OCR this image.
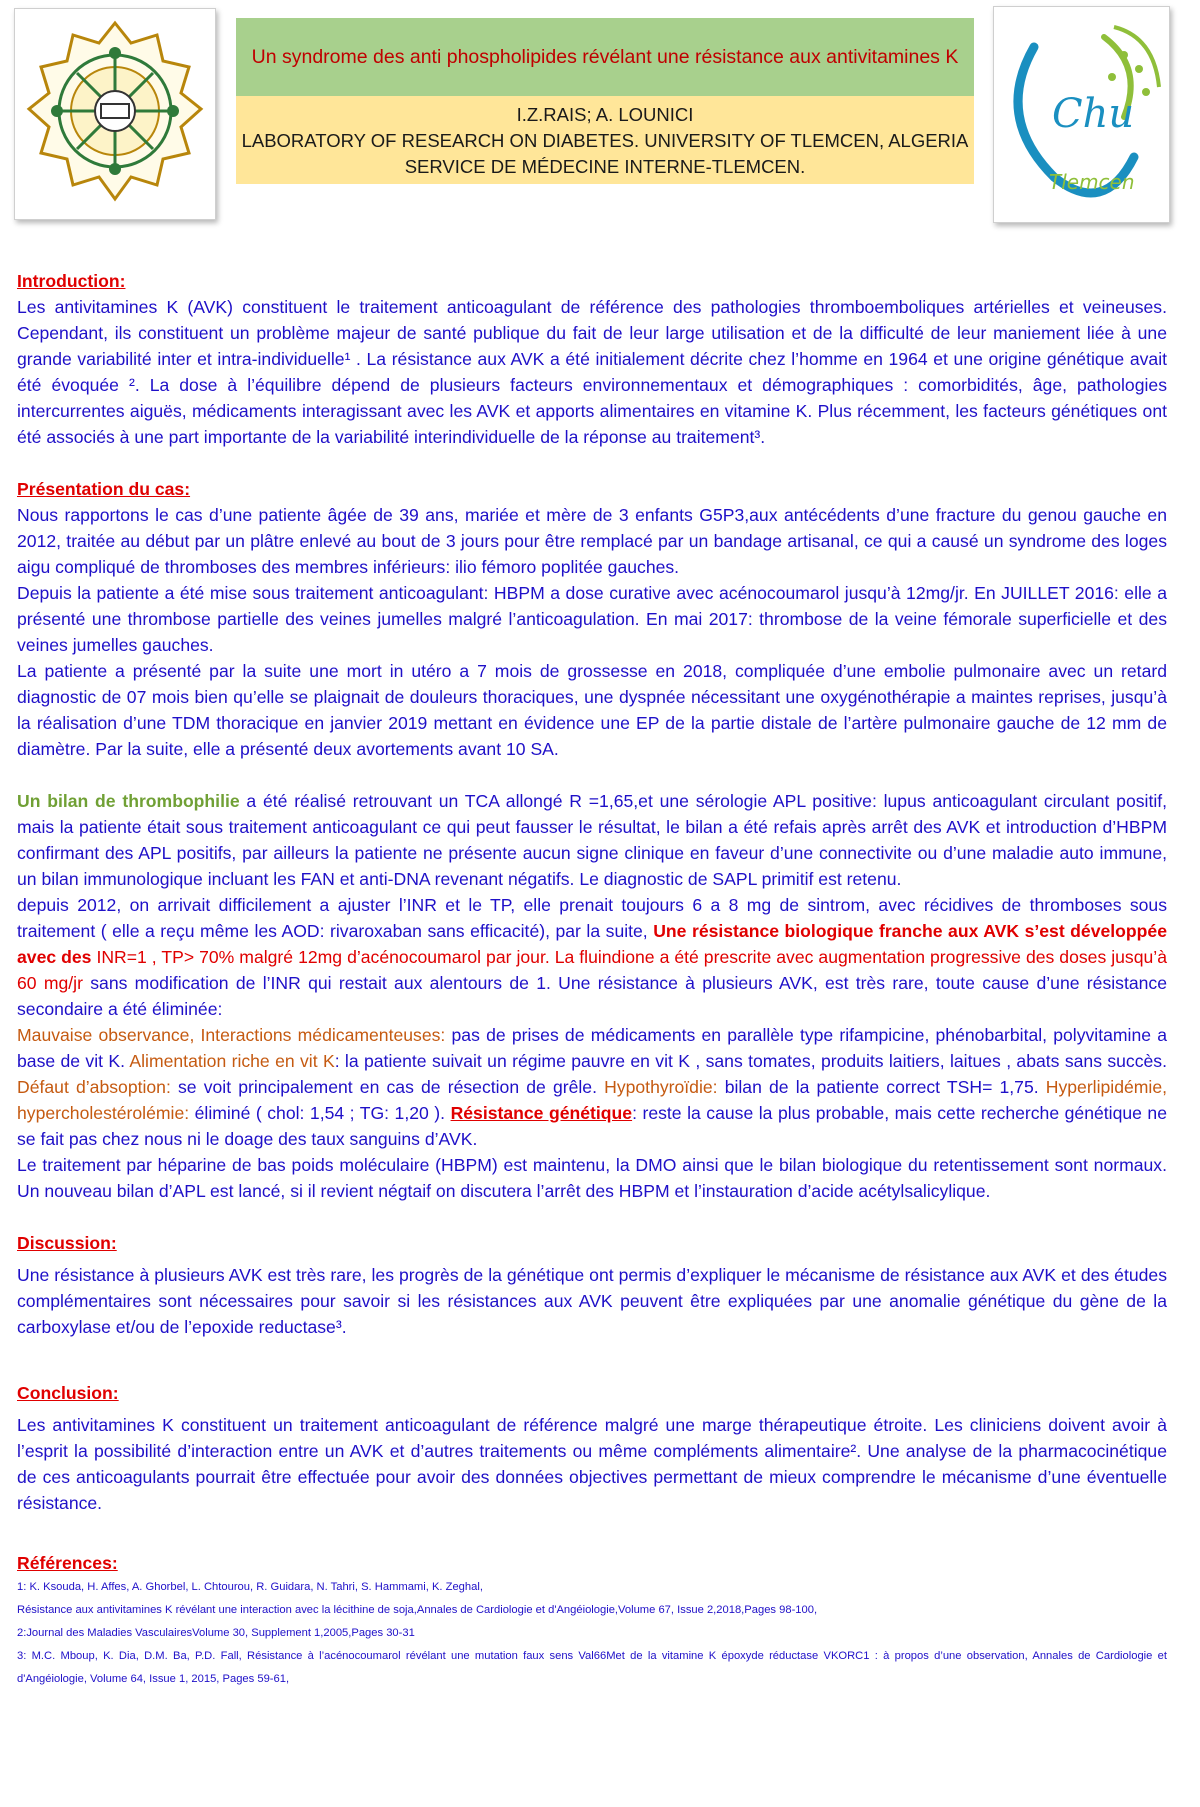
Un syndrome des anti phospholipides révélant une résistance aux antivitamines K
I.Z.RAIS; A. LOUNICI
LABORATORY OF RESEARCH ON DIABETES. UNIVERSITY OF TLEMCEN, ALGERIA
SERVICE DE MÉDECINE INTERNE-TLEMCEN.
Chu
Tlemcen

Introduction:

Les antivitamines K (AVK) constituent le traitement anticoagulant de référence des pathologies thromboemboliques artérielles et veineuses. Cependant, ils constituent un problème majeur de santé publique du fait de leur large utilisation et de la difficulté de leur maniement liée à une grande variabilité inter et intra-individuelle¹ . La résistance aux AVK a été initialement décrite chez l’homme en 1964 et une origine génétique avait été évoquée ². La dose à l’équilibre dépend de plusieurs facteurs environnementaux et démographiques : comorbidités, âge, pathologies intercurrentes aiguës, médicaments interagissant avec les AVK et apports alimentaires en vitamine K. Plus récemment, les facteurs génétiques ont été associés à une part importante de la variabilité interindividuelle de la réponse au traitement³.

Présentation du cas:

Nous rapportons le cas d’une patiente âgée de 39 ans, mariée et mère de 3 enfants G5P3,aux antécédents d’une fracture du genou gauche en 2012, traitée au début par un plâtre enlevé au bout de 3 jours pour être remplacé par un bandage artisanal, ce qui a causé un syndrome des loges aigu compliqué de thromboses des membres inférieurs: ilio fémoro poplitée gauches.

Depuis la patiente a été mise sous traitement anticoagulant: HBPM a dose curative avec acénocoumarol jusqu’à 12mg/jr. En JUILLET 2016: elle a présenté une thrombose partielle des veines jumelles malgré l’anticoagulation. En mai 2017: thrombose de la veine fémorale superficielle et des veines jumelles gauches.

La patiente a présenté par la suite une mort in utéro a 7 mois de grossesse en 2018, compliquée d’une embolie pulmonaire avec un retard diagnostic de 07 mois bien qu’elle se plaignait de douleurs thoraciques, une dyspnée nécessitant une oxygénothérapie a maintes reprises, jusqu’à la réalisation d’une TDM thoracique en janvier 2019 mettant en évidence une EP de la partie distale de l’artère pulmonaire gauche de 12 mm de diamètre. Par la suite, elle a présenté deux avortements avant 10 SA.

Un bilan de thrombophilie a été réalisé retrouvant un TCA allongé R =1,65,et une sérologie APL positive: lupus anticoagulant circulant positif, mais la patiente était sous traitement anticoagulant ce qui peut fausser le résultat, le bilan a été refais après arrêt des AVK et introduction d’HBPM confirmant des APL positifs, par ailleurs la patiente ne présente aucun signe clinique en faveur d’une connectivite ou d’une maladie auto immune, un bilan immunologique incluant les FAN et anti-DNA revenant négatifs. Le diagnostic de SAPL primitif est retenu.

depuis 2012, on arrivait difficilement a ajuster l’INR et le TP, elle prenait toujours 6 a 8 mg de sintrom, avec récidives de thromboses sous traitement ( elle a reçu même les AOD: rivaroxaban sans efficacité), par la suite, Une résistance biologique franche aux AVK s’est développée avec des INR=1 , TP> 70% malgré 12mg d’acénocoumarol par jour. La fluindione a été prescrite avec augmentation progressive des doses jusqu’à 60 mg/jr sans modification de l’INR qui restait aux alentours de 1. Une résistance à plusieurs AVK, est très rare, toute cause d’une résistance secondaire a été éliminée:

Mauvaise observance, Interactions médicamenteuses: pas de prises de médicaments en parallèle type rifampicine, phénobarbital, polyvitamine a base de vit K. Alimentation riche en vit K: la patiente suivait un régime pauvre en vit K , sans tomates, produits laitiers, laitues , abats sans succès. Défaut d’absoption: se voit principalement en cas de résection de grêle. Hypothyroïdie: bilan de la patiente correct TSH= 1,75. Hyperlipidémie, hypercholestérolémie: éliminé ( chol: 1,54 ; TG: 1,20 ). Résistance génétique: reste la cause la plus probable, mais cette recherche génétique ne se fait pas chez nous ni le doage des taux sanguins d’AVK.

Le traitement par héparine de bas poids moléculaire (HBPM) est maintenu, la DMO ainsi que le bilan biologique du retentissement sont normaux. Un nouveau bilan d’APL est lancé, si il revient négtaif on discutera l’arrêt des HBPM et l’instauration d’acide acétylsalicylique.

Discussion:

Une résistance à plusieurs AVK est très rare, les progrès de la génétique ont permis d’expliquer le mécanisme de résistance aux AVK et des études complémentaires sont nécessaires pour savoir si les résistances aux AVK peuvent être expliquées par une anomalie génétique du gène de la carboxylase et/ou de l’epoxide reductase³.

Conclusion:

Les antivitamines K constituent un traitement anticoagulant de référence malgré une marge thérapeutique étroite. Les cliniciens doivent avoir à l’esprit la possibilité d’interaction entre un AVK et d’autres traitements ou même compléments alimentaire². Une analyse de la pharmacocinétique de ces anticoagulants pourrait être effectuée pour avoir des données objectives permettant de mieux comprendre le mécanisme d’une éventuelle résistance.

Références:

1: K. Ksouda, H. Affes, A. Ghorbel, L. Chtourou, R. Guidara, N. Tahri, S. Hammami, K. Zeghal,

Résistance aux antivitamines K révélant une interaction avec la lécithine de soja,Annales de Cardiologie et d'Angéiologie,Volume 67, Issue 2,2018,Pages 98-100,

2:Journal des Maladies VasculairesVolume 30, Supplement 1,2005,Pages 30-31

3: M.C. Mboup, K. Dia, D.M. Ba, P.D. Fall, Résistance à l’acénocoumarol révélant une mutation faux sens Val66Met de la vitamine K époxyde réductase VKORC1 : à propos d’une observation, Annales de Cardiologie et d'Angéiologie, Volume 64, Issue 1, 2015, Pages 59-61,
